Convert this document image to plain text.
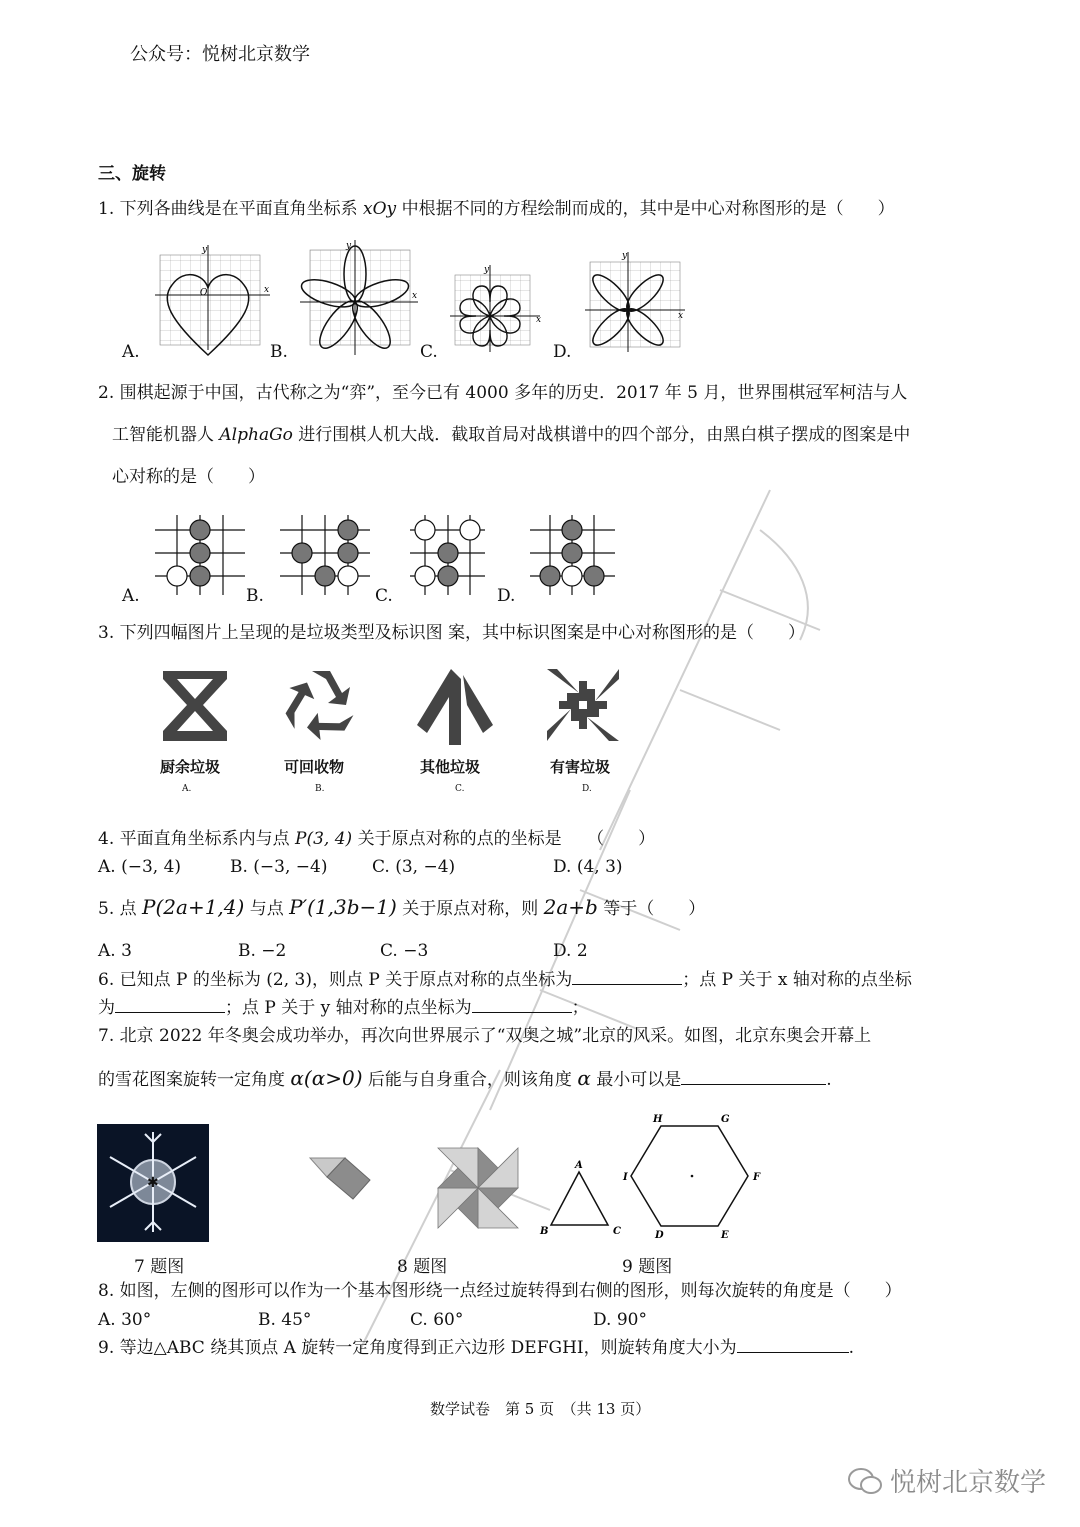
公众号：悦树北京数学
三、旋转
1. 下列各曲线是在平面直角坐标系 xOy 中根据不同的方程绘制而成的，其中是中心对称图形的是（　　）
y
x
O
y
x
y
x
y
x
A.	B.	C.	D.
2. 围棋起源于中国，古代称之为“弈”，至今已有 4000 多年的历史．2017 年 5 月，世界围棋冠军柯洁与人
工智能机器人 AlphaGo 进行围棋人机大战．截取首局对战棋谱中的四个部分，由黑白棋子摆成的图案是中
心对称的是（　　）
A.	B.	C.	D.
3. 下列四幅图片上呈现的是垃圾类型及标识图 案，其中标识图案是中心对称图形的是（　　）
厨余垃圾	可回收物	其他垃圾	有害垃圾
A.	B.	C.	D.
4. 平面直角坐标系内与点 P(3, 4) 关于原点对称的点的坐标是　　（　　）
A. (−3, 4)	B. (−3, −4)	C. (3, −4)	D. (4, 3)
5. 点 P(2a+1,4) 与点 P′(1,3b−1) 关于原点对称，则 2a+b 等于（　　）
A. 3	B. −2	C. −3	D. 2
6. 已知点 P 的坐标为 (2, 3)，则点 P 关于原点对称的点坐标为	；点 P 关于 x 轴对称的点坐标
为	；点 P 关于 y 轴对称的点坐标为	；
7. 北京 2022 年冬奥会成功举办，再次向世界展示了“双奥之城”北京的风采。如图，北京东奥会开幕上
的雪花图案旋转一定角度 α(α>0) 后能与自身重合，则该角度 α 最小可以是	.
✱
A
B	C
H	G
I	F
D	E
7 题图	8 题图	9 题图
8. 如图，左侧的图形可以作为一个基本图形绕一点经过旋转得到右侧的图形，则每次旋转的角度是（　　）
A. 30°	B. 45°	C. 60°	D. 90°
9. 等边△ABC 绕其顶点 A 旋转一定角度得到正六边形 DEFGHI，则旋转角度大小为	.
数学试卷　第 5 页　（共 13 页）
悦树北京数学
